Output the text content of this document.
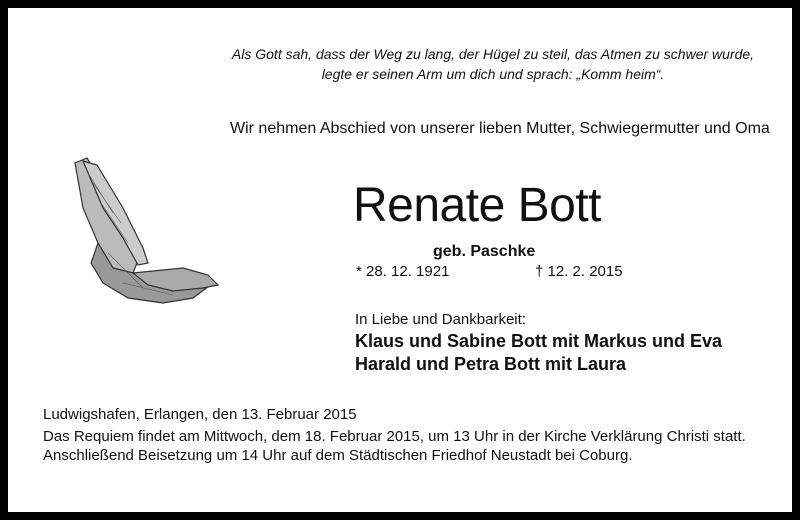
Als Gott sah, dass der Weg zu lang, der Hügel zu steil, das Atmen zu schwer wurde,
legte er seinen Arm um dich und sprach: „Komm heim“.
Wir nehmen Abschied von unserer lieben Mutter, Schwiegermutter und Oma
Renate Bott
geb. Paschke
* 28. 12. 1921	† 12. 2. 2015
In Liebe und Dankbarkeit:
Klaus und Sabine Bott mit Markus und Eva
Harald und Petra Bott mit Laura
Ludwigshafen, Erlangen, den 13. Februar 2015
Das Requiem findet am Mittwoch, dem 18. Februar 2015, um 13 Uhr in der Kirche Verklärung Christi statt.
Anschließend Beisetzung um 14 Uhr auf dem Städtischen Friedhof Neustadt bei Coburg.
